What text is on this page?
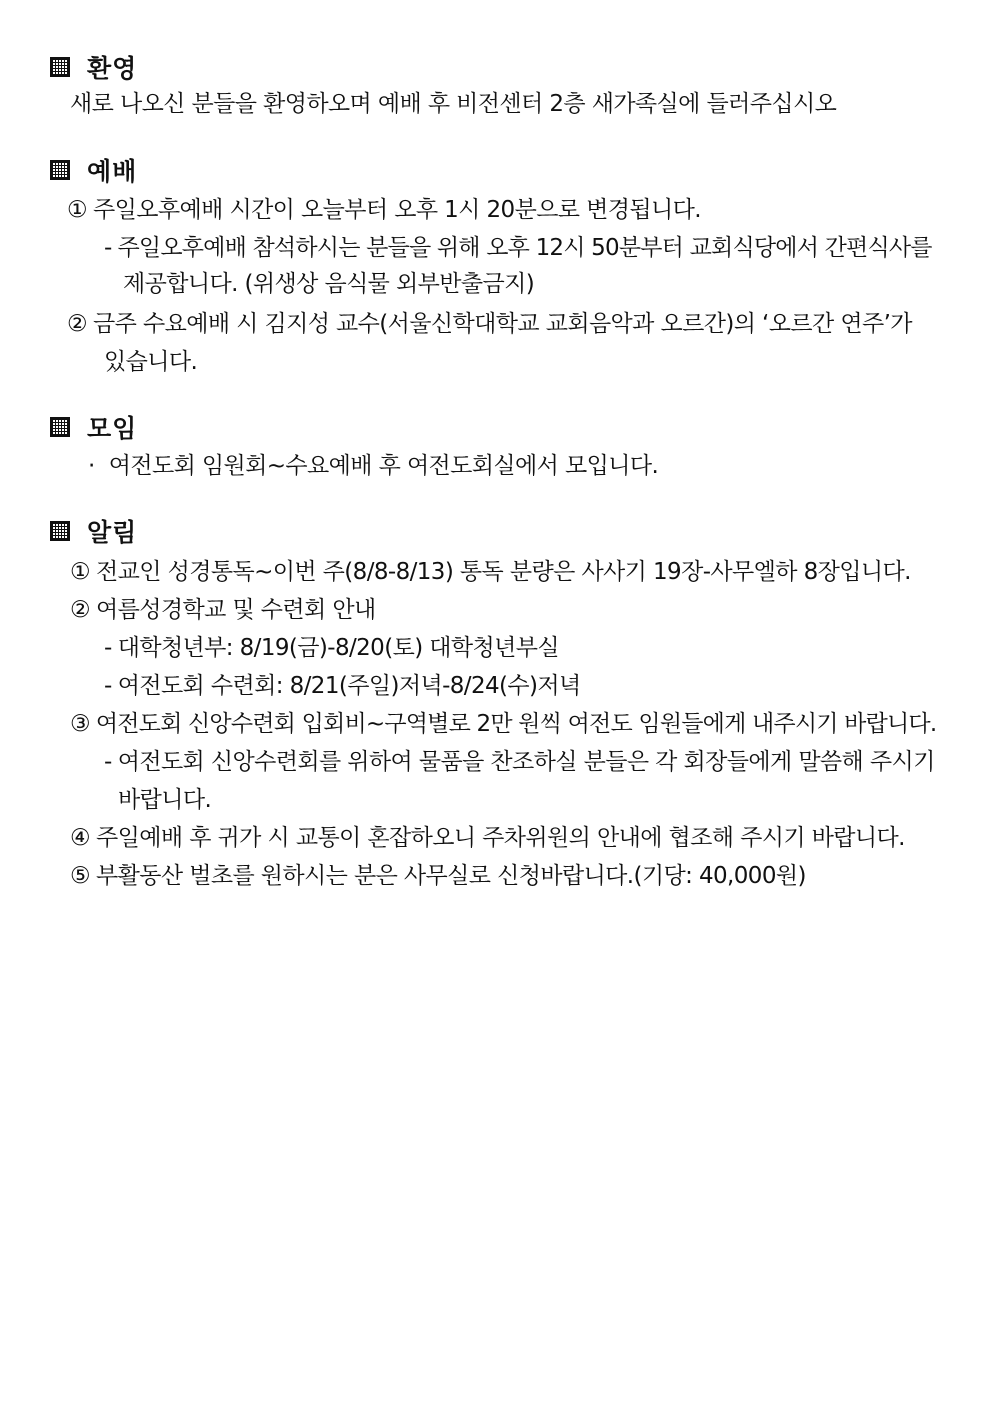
환영
새로 나오신 분들을 환영하오며 예배 후 비전센터 2층 새가족실에 들러주십시오
예배
① 주일오후예배 시간이 오늘부터 오후 1시 20분으로 변경됩니다.
- 주일오후예배 참석하시는 분들을 위해 오후 12시 50분부터 교회식당에서 간편식사를
제공합니다. (위생상 음식물 외부반출금지)
② 금주 수요예배 시 김지성 교수(서울신학대학교 교회음악과 오르간)의 ‘오르간 연주’가
있습니다.
모임
· 여전도회 임원회~수요예배 후 여전도회실에서 모입니다.
알림
① 전교인 성경통독~이번 주(8/8-8/13) 통독 분량은 사사기 19장-사무엘하 8장입니다.
② 여름성경학교 및 수련회 안내
- 대학청년부: 8/19(금)-8/20(토) 대학청년부실
- 여전도회 수련회: 8/21(주일)저녁-8/24(수)저녁
③ 여전도회 신앙수련회 입회비~구역별로 2만 원씩 여전도 임원들에게 내주시기 바랍니다.
- 여전도회 신앙수련회를 위하여 물품을 찬조하실 분들은 각 회장들에게 말씀해 주시기
바랍니다.
④ 주일예배 후 귀가 시 교통이 혼잡하오니 주차위원의 안내에 협조해 주시기 바랍니다.
⑤ 부활동산 벌초를 원하시는 분은 사무실로 신청바랍니다.(기당: 40,000원)
